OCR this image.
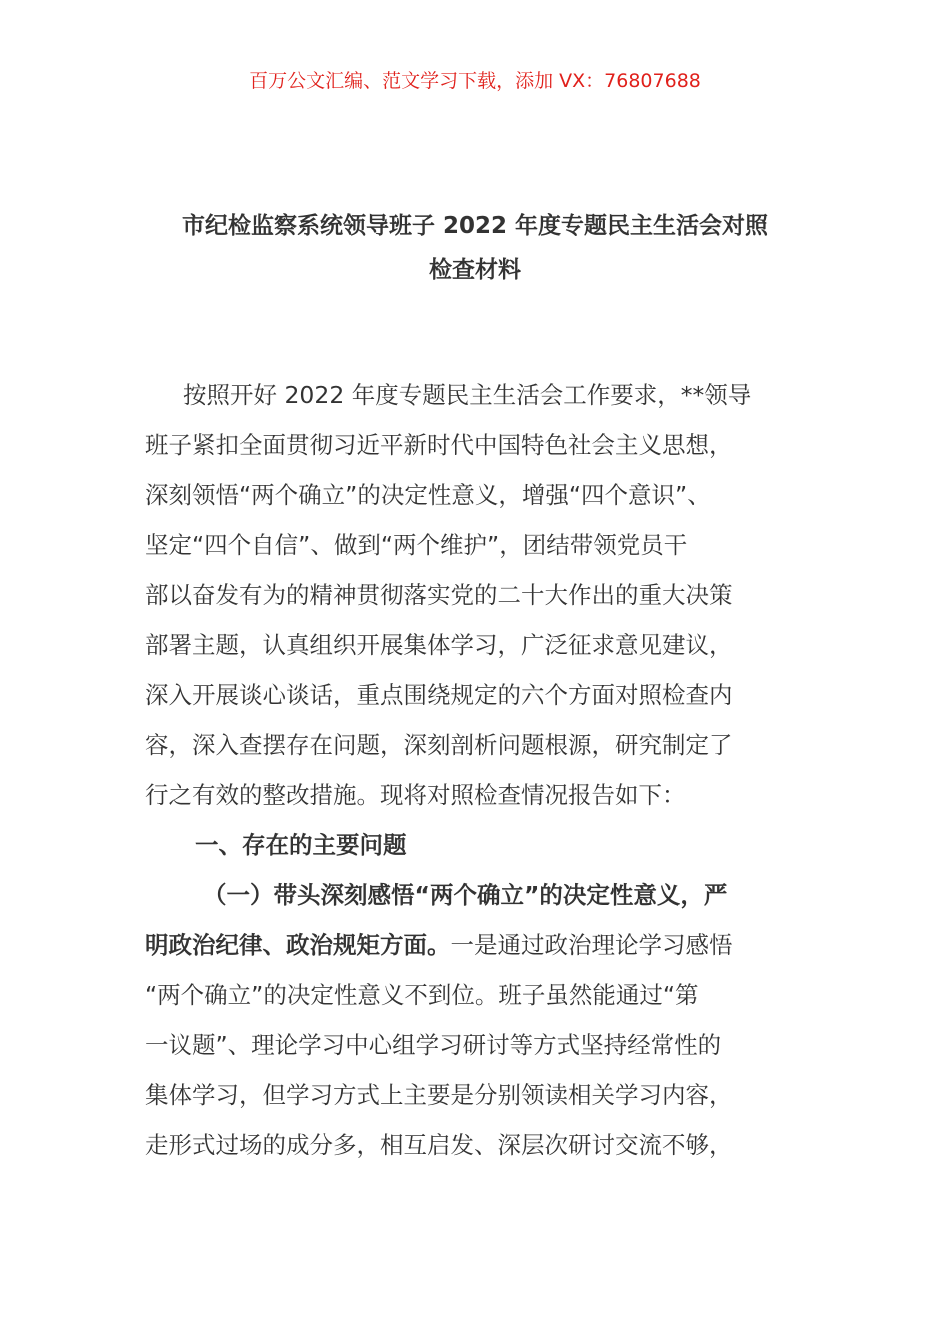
百万公文汇编、范文学习下载，添加 VX：76807688
市纪检监察系统领导班子 2022 年度专题民主生活会对照
检查材料
按照开好 2022 年度专题民主生活会工作要求，**领导
班子紧扣全面贯彻习近平新时代中国特色社会主义思想，
深刻领悟“两个确立”的决定性意义，增强“四个意识”、
坚定“四个自信”、做到“两个维护”，团结带领党员干
部以奋发有为的精神贯彻落实党的二十大作出的重大决策
部署主题，认真组织开展集体学习，广泛征求意见建议，
深入开展谈心谈话，重点围绕规定的六个方面对照检查内
容，深入查摆存在问题，深刻剖析问题根源，研究制定了
行之有效的整改措施。现将对照检查情况报告如下：
一、存在的主要问题
（一）带头深刻感悟“两个确立”的决定性意义，严
明政治纪律、政治规矩方面。一是通过政治理论学习感悟
“两个确立”的决定性意义不到位。班子虽然能通过“第
一议题”、理论学习中心组学习研讨等方式坚持经常性的
集体学习，但学习方式上主要是分别领读相关学习内容，
走形式过场的成分多，相互启发、深层次研讨交流不够，
